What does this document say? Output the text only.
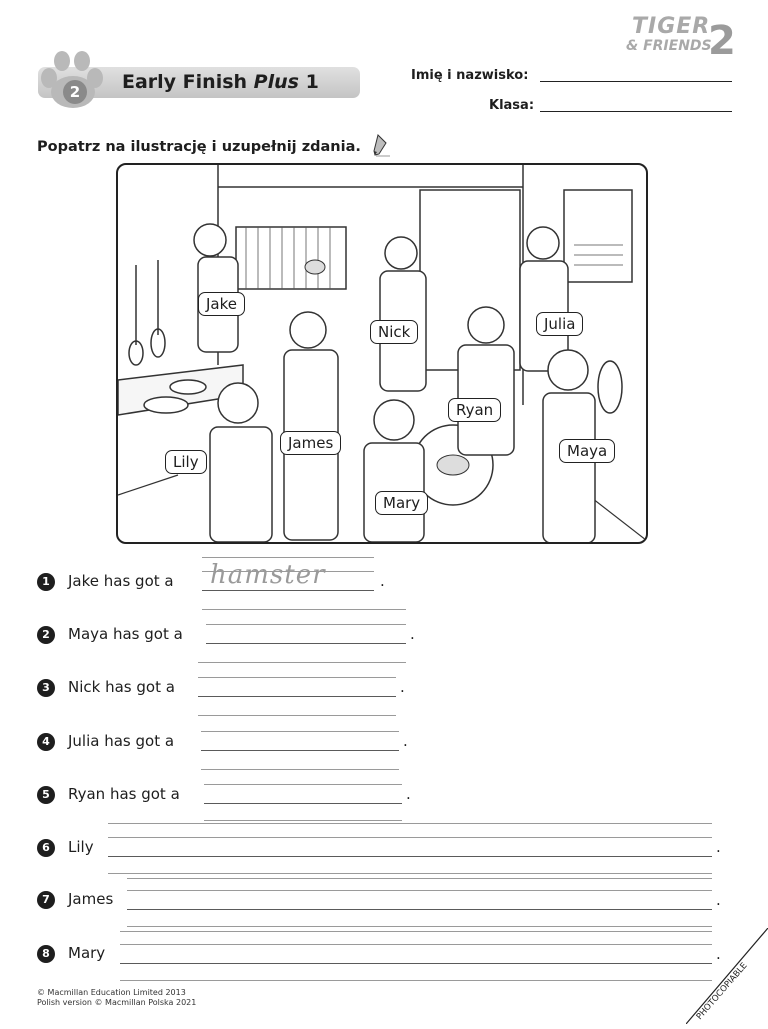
TIGER
& FRIENDS
2
Early Finish Plus 1
2
Imię i nazwisko:
Klasa:
Popatrz na ilustrację i uzupełnij zdania.
Jake
Nick	Julia
Ryan
James	Maya
Lily
Mary
1	Jake has got a hamster	.
2	Maya has got a	.
3	Nick has got a	.
4	Julia has got a	.
5	Ryan has got a	.
6	Lily	.
7	James	.
8	Mary	.
© Macmillan Education Limited 2013
Polish version © Macmillan Polska 2021	PHOTOCOPIABLE
